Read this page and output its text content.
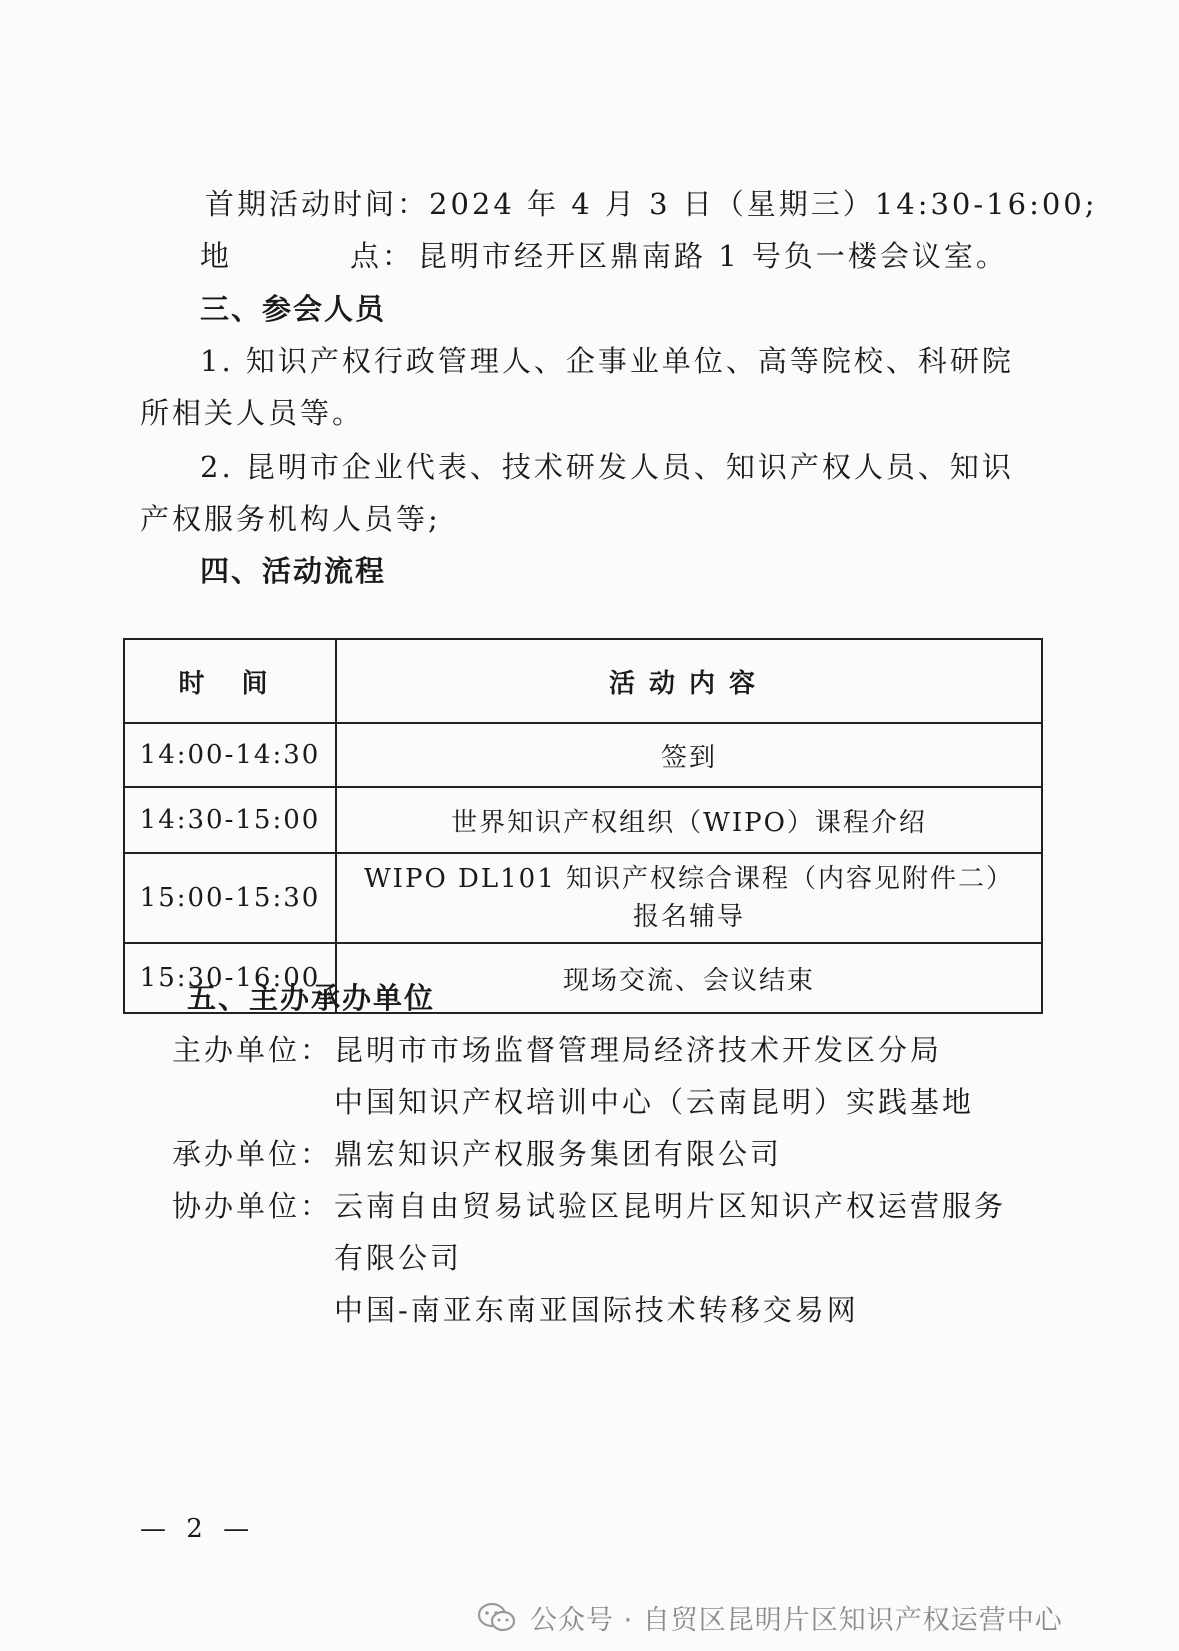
首期活动时间：2024 年 4 月 3 日（星期三）14:30-16:00;
地	点： 昆明市经开区鼎南路 1 号负一楼会议室。
三、参会人员
1. 知识产权行政管理人、企事业单位、高等院校、科研院
所相关人员等。
2. 昆明市企业代表、技术研发人员、知识产权人员、知识
产权服务机构人员等;
四、活动流程
时 间	活动内容
14:00-14:30	签到
14:30-15:00	世界知识产权组织（WIPO）课程介绍
15:00-15:30	WIPO DL101 知识产权综合课程（内容见附件二）
报名辅导

15:30-16:00	现场交流、会议结束
五、主办承办单位
主办单位： 昆明市市场监督管理局经济技术开发区分局
中国知识产权培训中心（云南昆明）实践基地
承办单位： 鼎宏知识产权服务集团有限公司
协办单位： 云南自由贸易试验区昆明片区知识产权运营服务
有限公司
中国-南亚东南亚国际技术转移交易网
— 2 —
公众号 · 自贸区昆明片区知识产权运营中心
